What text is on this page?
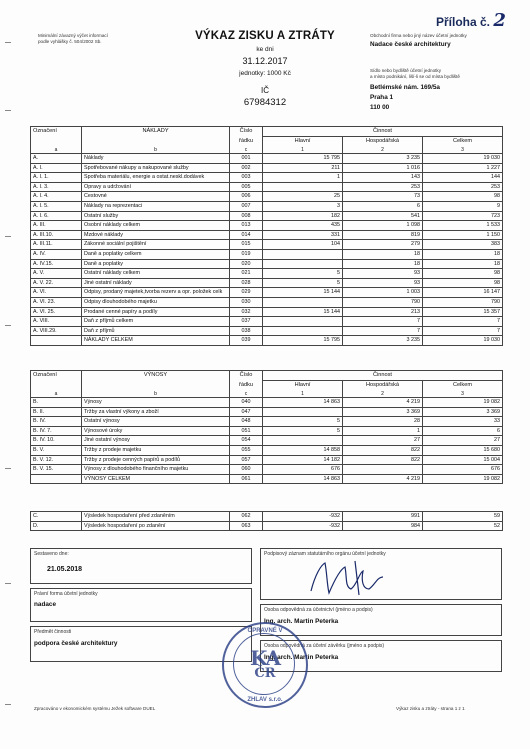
Minimální závazný výčet informací
podle vyhlášky č. 504/2002 Sb.	VÝKAZ ZISKU A ZTRÁTY
ke dni
31.12.2017
jednotky: 1000 Kč
IČ
67984312
Příloha č. 2
Obchodní firma nebo jiný název účetní jednotky
Nadace české architektury
Sídlo nebo bydliště účetní jednotky
a místo podnikání, liší-li se od místa bydliště
Betlémské nám. 169/5a
Praha 1
110 00
Označení	NÁKLADY	Číslo	Činnost		
		řádku	Hlavní	Hospodářská	Celkem
a	b	c	1	2	3
A.	Náklady	001	15 795	3 235	19 030
A. I.	Spotřebované nákupy a nakupované služby	002	211	1 016	1 227
A. I. 1.	Spotřeba materiálu, energie a ostat.neskl.dodávek	003	1	143	144
A. I. 3.	Opravy a udržování	005		253	253
A. I. 4.	Cestovné	006	25	73	98
A. I. 5.	Náklady na reprezentaci	007	3	6	9
A. I. 6.	Ostatní služby	008	182	541	723
A. III.	Osobní náklady celkem	013	435	1 098	1 533
A. III.10.	Mzdové náklady	014	331	819	1 150
A. III.11.	Zákonné sociální pojištění	015	104	279	383
A. IV.	Daně a poplatky celkem	019		18	18
A. IV.15.	Daně a poplatky	020		18	18
A. V.	Ostatní náklady celkem	021	5	93	98
A. V. 22.	Jiné ostatní náklady	028	5	93	98
A. VI.	Odpisy, prodaný majetek,tvorba rezerv a opr. položek celk	029	15 144	1 003	16 147
A. VI. 23.	Odpisy dlouhodobého majetku	030		790	790
A. VI. 25.	Prodané cenné papíry a podíly	032	15 144	213	15 357
A. VIII.	Daň z příjmů celkem	037		7	7
A. VIII.29.	Daň z příjmů	038		7	7
	NÁKLADY CELKEM	039	15 795	3 235	19 030
Označení	VÝNOSY	Číslo	Činnost		
		řádku	Hlavní	Hospodářská	Celkem
a	b	c	1	2	3
B.	Výnosy	040	14 863	4 219	19 082
B. II.	Tržby za vlastní výkony a zboží	047		3 369	3 369
B. IV.	Ostatní výnosy	048	5	28	33
B. IV. 7.	Výnosové úroky	051	5	1	6
B. IV. 10.	Jiné ostatní výnosy	054		27	27
B. V.	Tržby z prodeje majetku	055	14 858	822	15 680
B. V. 12.	Tržby z prodeje cenných papírů a podílů	057	14 182	822	15 004
B. V. 15.	Výnosy z dlouhodobého finančního majetku	060	676		676
	VÝNOSY CELKEM	061	14 863	4 219	19 082
C.	Výsledek hospodaření před zdaněním	062	-932	991	59
D.	Výsledek hospodaření po zdanění	063	-932	984	52
Sestaveno dne:
21.05.2018
Podpisový záznam statutárního orgánu účetní jednotky
Právní forma účetní jednotky
nadace
Osoba odpovědná za účetnictví (jméno a podpis)
Ing. arch. Martin Peterka
Předmět činnosti
podpora české architektury	Osoba odpovědná za účetní závěrku (jméno a podpis)
Ing. arch. Martin Peterka
OPRAVNÉ V
KA
ČR
ZHLAV s.r.o.
Zpracováno v ekonomickém systému Ježek software DUEL	Výkaz zisku a ztráty - strana 1 z 1
